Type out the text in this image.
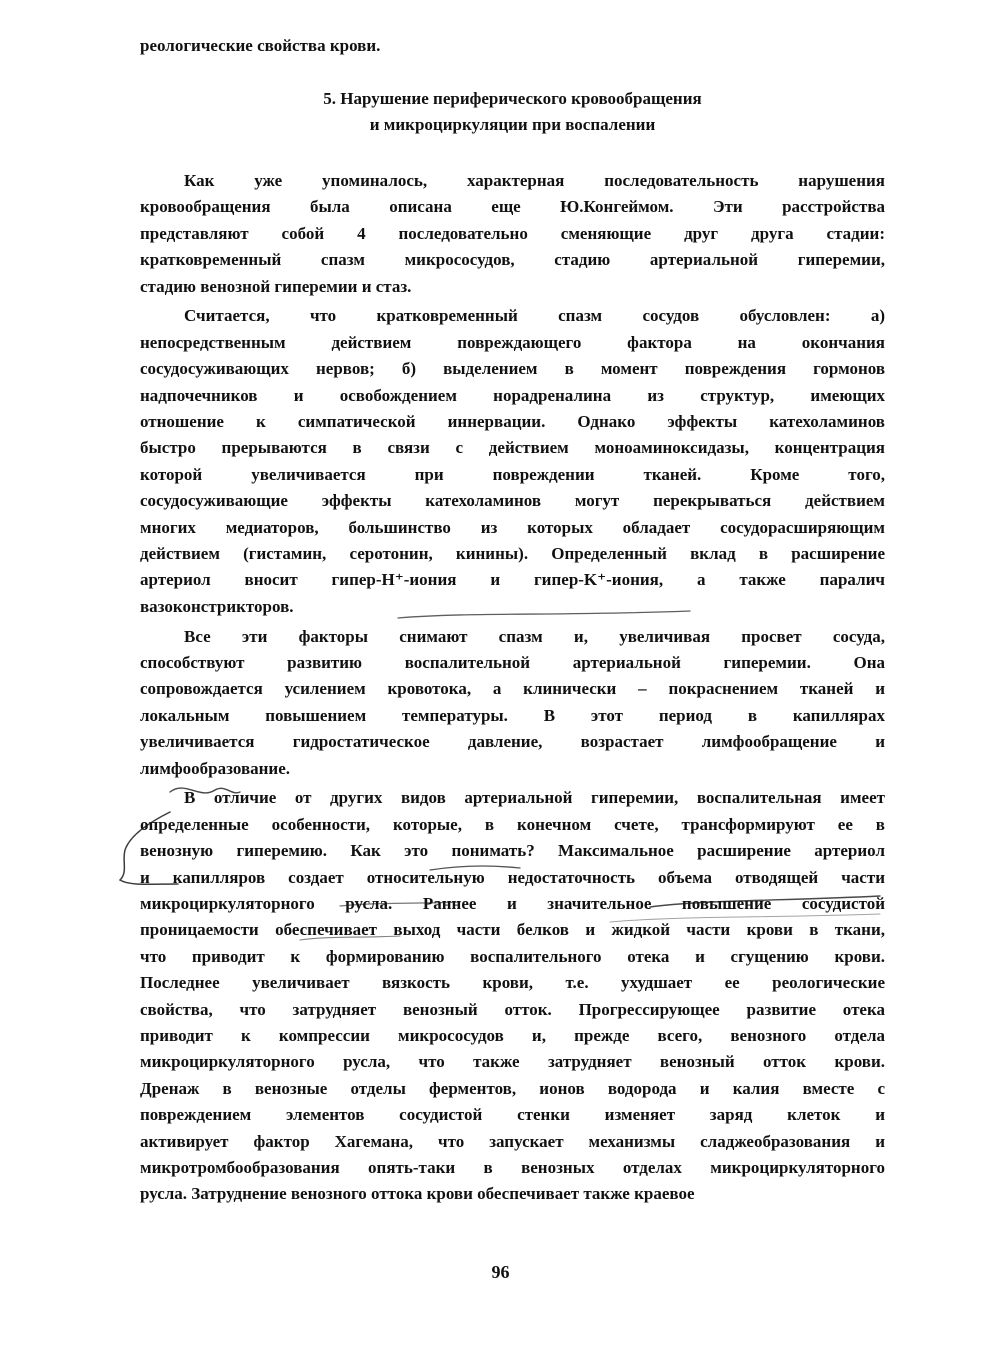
реологические свойства крови.
5. Нарушение периферического кровообращения
и микроциркуляции при воспалении
Как уже упоминалось, характерная последовательность нарушения
кровообращения была описана еще Ю.Конгеймом. Эти расстройства
представляют собой 4 последовательно сменяющие друг друга стадии:
кратковременный спазм микрососудов, стадию артериальной гиперемии,
стадию венозной гиперемии и стаз.
Считается, что кратковременный спазм сосудов обусловлен: а)
непосредственным действием повреждающего фактора на окончания
сосудосуживающих нервов; б) выделением в момент повреждения гормонов
надпочечников и освобождением норадреналина из структур, имеющих
отношение к симпатической иннервации. Однако эффекты катехоламинов
быстро прерываются в связи с действием моноаминоксидазы, концентрация
которой увеличивается при повреждении тканей. Кроме того,
сосудосуживающие эффекты катехоламинов могут перекрываться действием
многих медиаторов, большинство из которых обладает сосудорасширяющим
действием (гистамин, серотонин, кинины). Определенный вклад в расширение
артериол вносит гипер-H⁺-иония и гипер-K⁺-иония, а также паралич
вазоконстрикторов.
Все эти факторы снимают спазм и, увеличивая просвет сосуда,
способствуют развитию воспалительной артериальной гиперемии. Она
сопровождается усилением кровотока, а клинически – покраснением тканей и
локальным повышением температуры. В этот период в капиллярах
увеличивается гидростатическое давление, возрастает лимфообращение и
лимфообразование.
В отличие от других видов артериальной гиперемии, воспалительная имеет
определенные особенности, которые, в конечном счете, трансформируют ее в
венозную гиперемию. Как это понимать? Максимальное расширение артериол
и капилляров создает относительную недостаточность объема отводящей части
микроциркуляторного русла. Раннее и значительное повышение сосудистой
проницаемости обеспечивает выход части белков и жидкой части крови в ткани,
что приводит к формированию воспалительного отека и сгущению крови.
Последнее увеличивает вязкость крови, т.е. ухудшает ее реологические
свойства, что затрудняет венозный отток. Прогрессирующее развитие отека
приводит к компрессии микрососудов и, прежде всего, венозного отдела
микроциркуляторного русла, что также затрудняет венозный отток крови.
Дренаж в венозные отделы ферментов, ионов водорода и калия вместе с
повреждением элементов сосудистой стенки изменяет заряд клеток и
активирует фактор Хагемана, что запускает механизмы сладжеобразования и
микротромбообразования опять-таки в венозных отделах микроциркуляторного
русла. Затруднение венозного оттока крови обеспечивает также краевое
96
